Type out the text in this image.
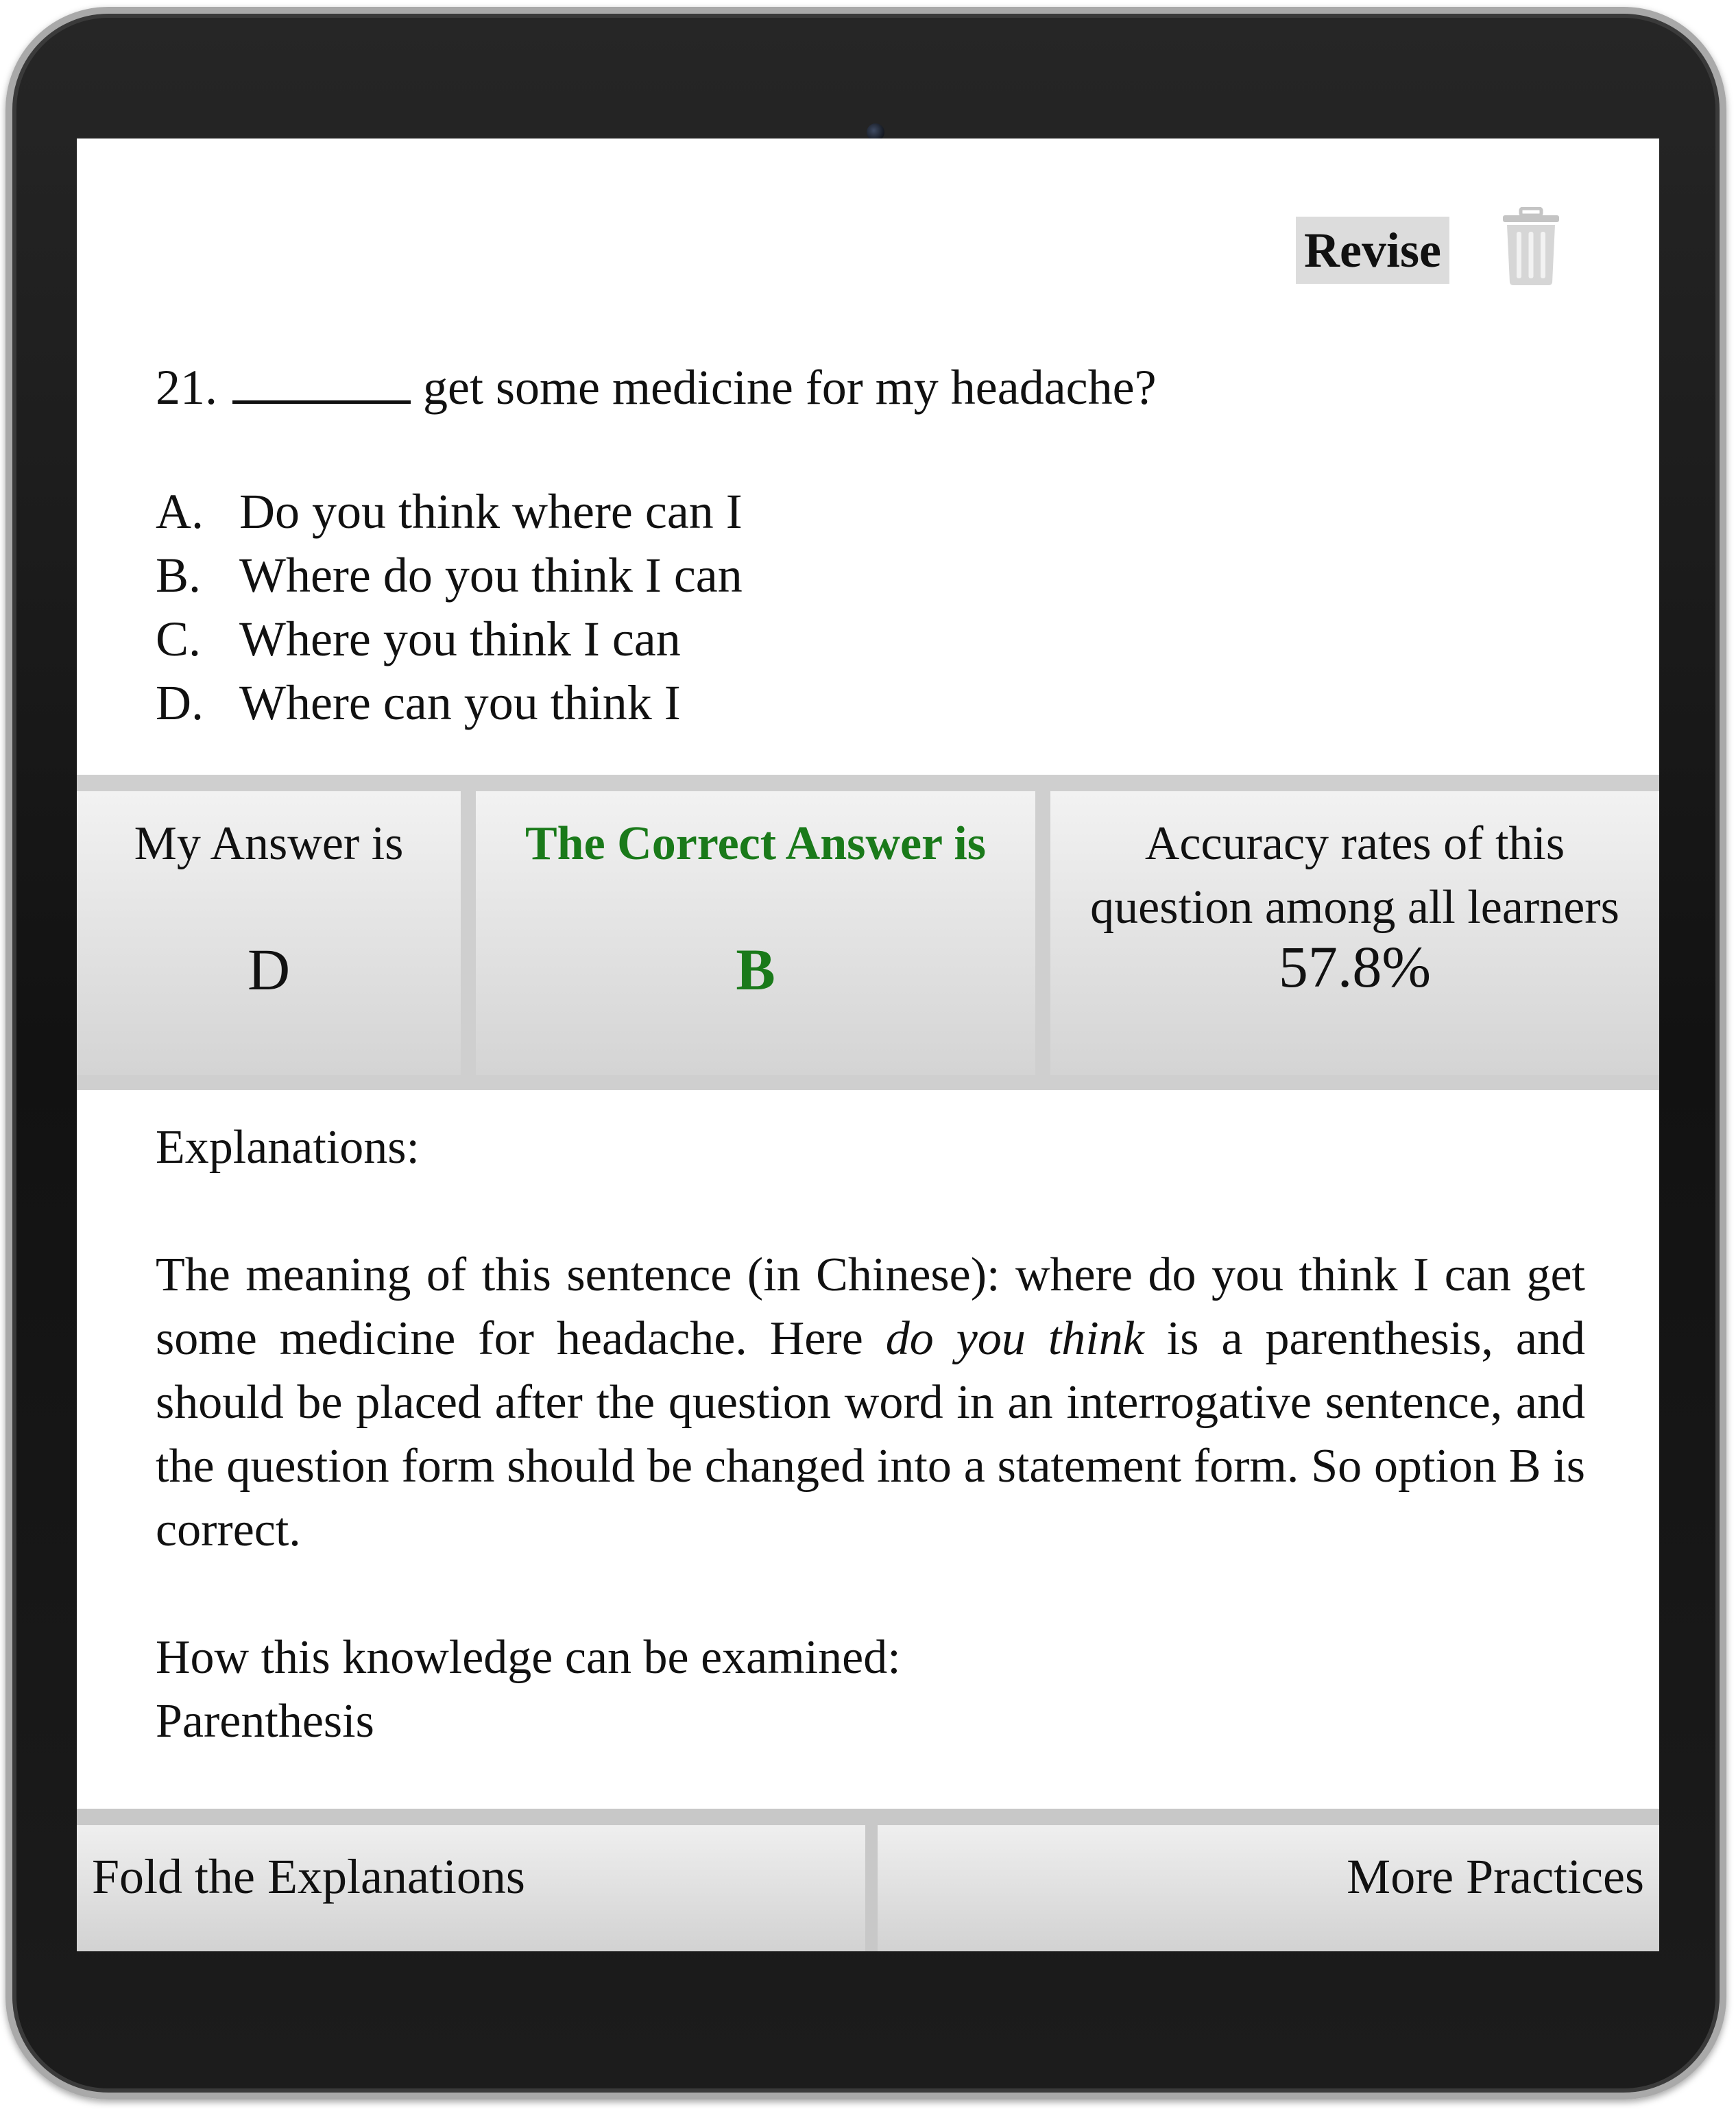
Revise
21.	get some medicine for my headache?
A. Do you think where can I
B. Where do you think I can
C. Where you think I can
D. Where can you think I
My Answer is
D
The Correct Answer is
B
Accuracy rates of this
question among all learners
57.8%

Explanations:

The meaning of this sentence (in Chinese): where do you think I can get some medicine for headache. Here do you think is a parenthesis, and should be placed after the question word in an interrogative sentence, and the question form should be changed into a statement form. So option B is correct.

How this knowledge can be examined:

Parenthesis

Fold the Explanations	More Practices
